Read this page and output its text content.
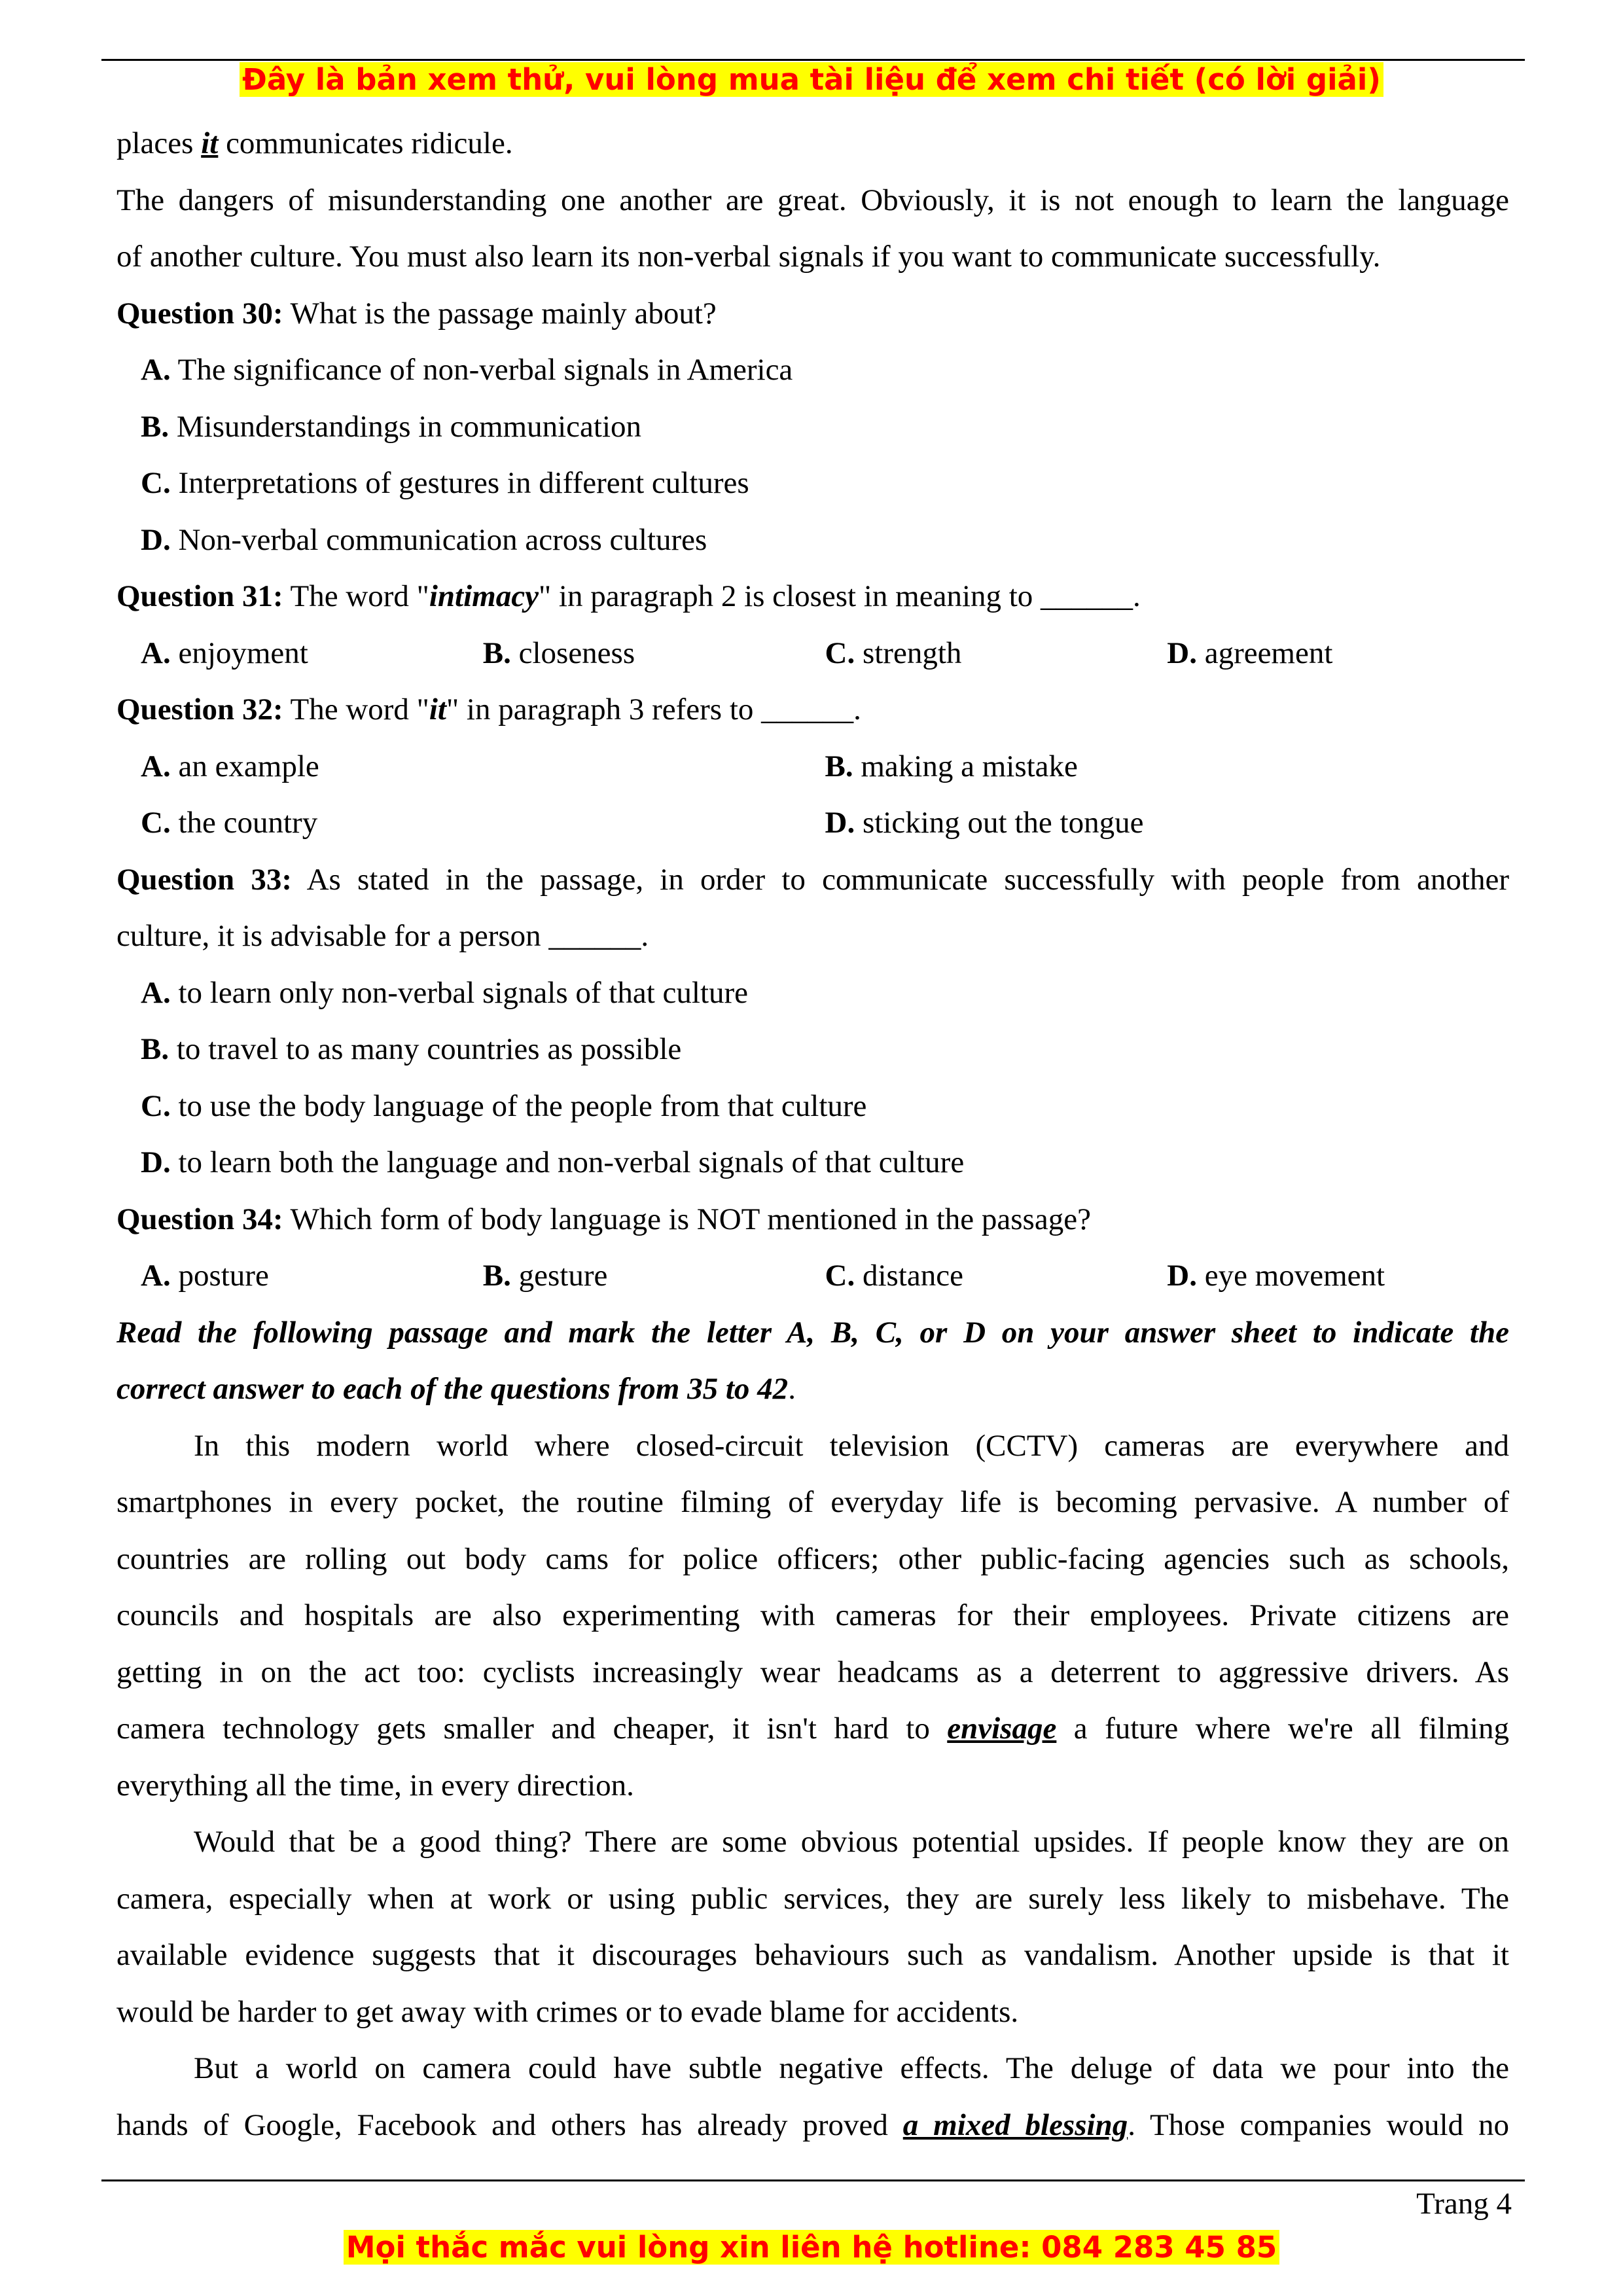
Đây là bản xem thử, vui lòng mua tài liệu để xem chi tiết (có lời giải)
places it communicates ridicule.
The dangers of misunderstanding one another are great. Obviously, it is not enough to learn the language
of another culture. You must also learn its non-verbal signals if you want to communicate successfully.
Question 30: What is the passage mainly about?
A. The significance of non-verbal signals in America
B. Misunderstandings in communication
C. Interpretations of gestures in different cultures
D. Non-verbal communication across cultures
Question 31: The word "intimacy" in paragraph 2 is closest in meaning to ______.
A. enjoyment	B. closeness	C. strength	D. agreement
Question 32: The word "it" in paragraph 3 refers to ______.
A. an example	B. making a mistake
C. the country	D. sticking out the tongue
Question 33: As stated in the passage, in order to communicate successfully with people from another
culture, it is advisable for a person ______.
A. to learn only non-verbal signals of that culture
B. to travel to as many countries as possible
C. to use the body language of the people from that culture
D. to learn both the language and non-verbal signals of that culture
Question 34: Which form of body language is NOT mentioned in the passage?
A. posture	B. gesture	C. distance	D. eye movement
Read the following passage and mark the letter A, B, C, or D on your answer sheet to indicate the
correct answer to each of the questions from 35 to 42.
In this modern world where closed-circuit television (CCTV) cameras are everywhere and
smartphones in every pocket, the routine filming of everyday life is becoming pervasive. A number of
countries are rolling out body cams for police officers; other public-facing agencies such as schools,
councils and hospitals are also experimenting with cameras for their employees. Private citizens are
getting in on the act too: cyclists increasingly wear headcams as a deterrent to aggressive drivers. As
camera technology gets smaller and cheaper, it isn't hard to envisage a future where we're all filming
everything all the time, in every direction.
Would that be a good thing? There are some obvious potential upsides. If people know they are on
camera, especially when at work or using public services, they are surely less likely to misbehave. The
available evidence suggests that it discourages behaviours such as vandalism. Another upside is that it
would be harder to get away with crimes or to evade blame for accidents.
But a world on camera could have subtle negative effects. The deluge of data we pour into the
hands of Google, Facebook and others has already proved a mixed blessing. Those companies would no
Trang 4
Mọi thắc mắc vui lòng xin liên hệ hotline: 084 283 45 85
